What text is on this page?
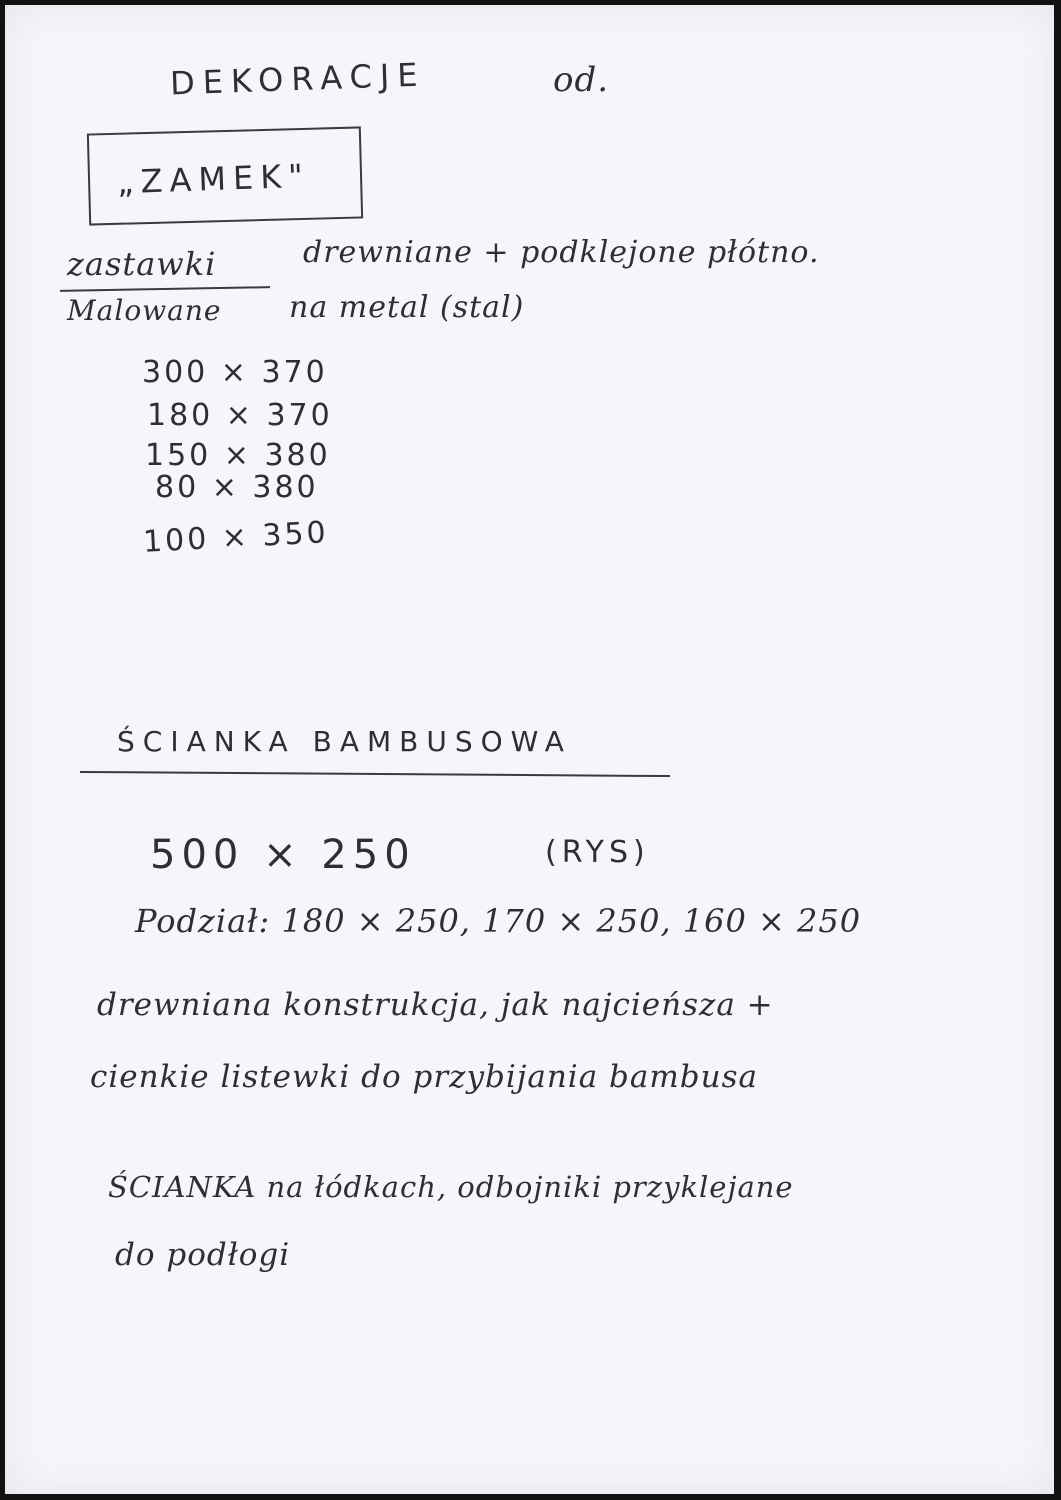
DEKORACJE	od.
„ZAMEK"
zastawki	drewniane + podklejone płótno.
Malowane na metal (stal)
300 × 370
180 × 370
150 × 380
80 × 380
100 × 350
ŚCIANKA BAMBUSOWA
500 × 250	(RYS)
Podział: 180 × 250, 170 × 250, 160 × 250
drewniana konstrukcja, jak najcieńsza +
cienkie listewki do przybijania bambusa
ŚCIANKA na łódkach, odbojniki przyklejane
do podłogi
